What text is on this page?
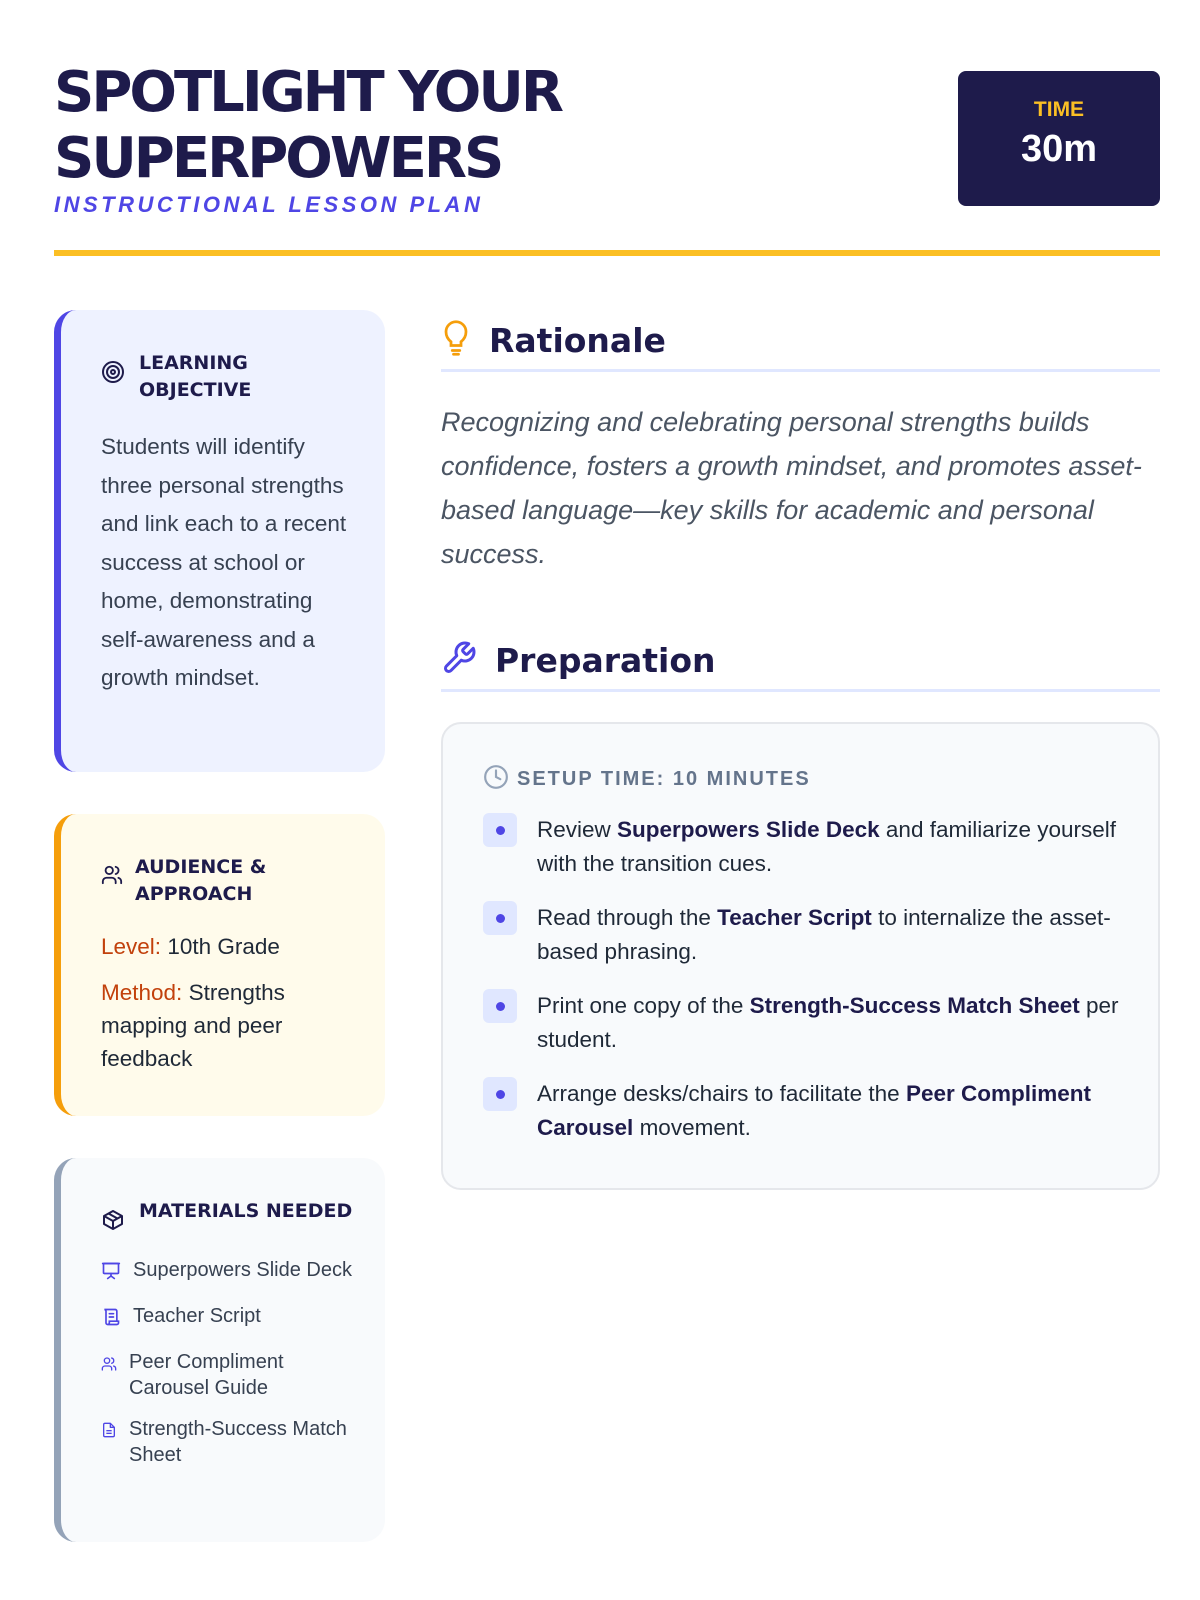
SPOTLIGHT YOUR SUPERPOWERS
INSTRUCTIONAL LESSON PLAN
TIME
30m
LEARNING OBJECTIVE

Students will identify three personal strengths and link each to a recent success at school or home, demonstrating self-awareness and a growth mindset.

AUDIENCE & APPROACH
Level: 10th Grade
Method: Strengths mapping and peer feedback
MATERIALS NEEDED
Superpowers Slide Deck
Teacher Script
Peer Compliment Carousel Guide
Strength-Success Match Sheet
Rationale

Recognizing and celebrating personal strengths builds confidence, fosters a growth mindset, and promotes asset-based language—key skills for academic and personal success.

Preparation
SETUP TIME: 10 MINUTES
Review Superpowers Slide Deck and familiarize yourself with the transition cues.
Read through the Teacher Script to internalize the asset-based phrasing.
Print one copy of the Strength-Success Match Sheet per student.
Arrange desks/chairs to facilitate the Peer Compliment Carousel movement.
